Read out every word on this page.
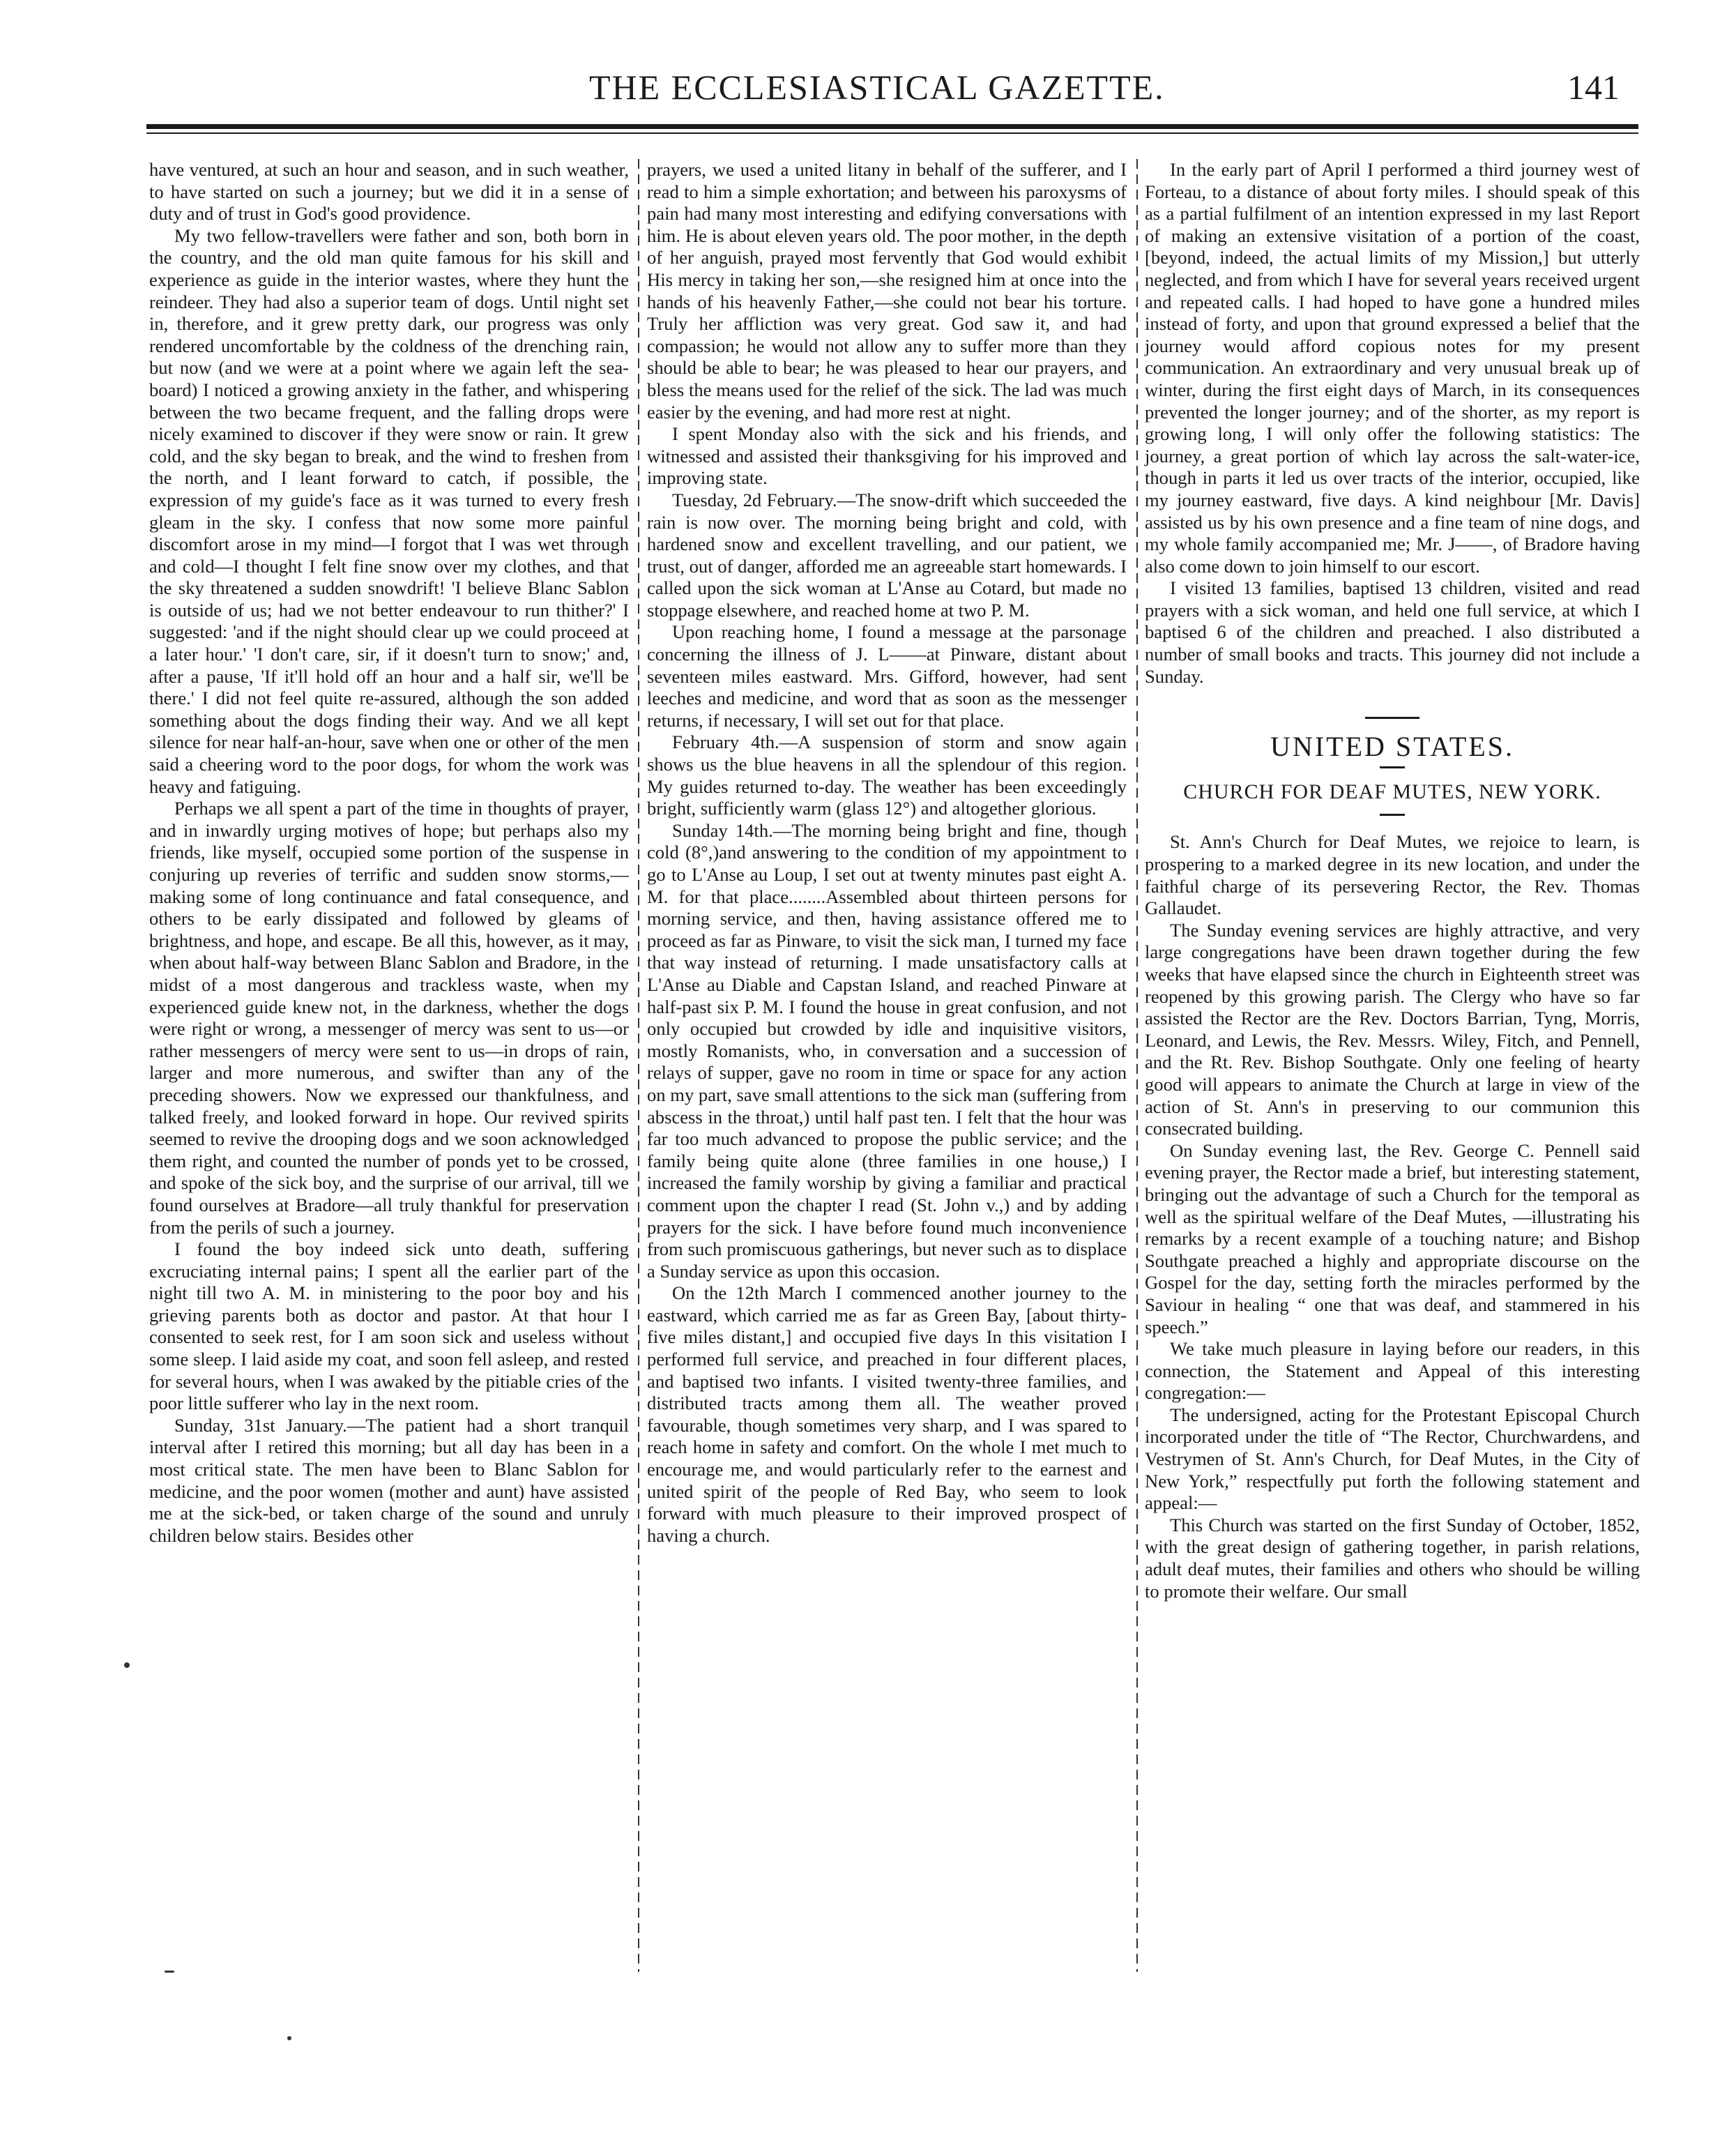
THE ECCLESIASTICAL GAZETTE.	141

have ventured, at such an hour and season, and in such weather, to have started on such a journey; but we did it in a sense of duty and of trust in God's good providence.

My two fellow-travellers were father and son, both born in the country, and the old man quite famous for his skill and experience as guide in the interior wastes, where they hunt the reindeer. They had also a superior team of dogs. Until night set in, therefore, and it grew pretty dark, our progress was only rendered uncomfortable by the coldness of the drenching rain, but now (and we were at a point where we again left the sea-board) I noticed a growing anxiety in the father, and whispering between the two became frequent, and the falling drops were nicely examined to discover if they were snow or rain. It grew cold, and the sky began to break, and the wind to freshen from the north, and I leant forward to catch, if possible, the expression of my guide's face as it was turned to every fresh gleam in the sky. I confess that now some more painful discomfort arose in my mind—I forgot that I was wet through and cold—I thought I felt fine snow over my clothes, and that the sky threatened a sudden snowdrift! 'I believe Blanc Sablon is outside of us; had we not better endeavour to run thither?' I suggested: 'and if the night should clear up we could proceed at a later hour.' 'I don't care, sir, if it doesn't turn to snow;' and, after a pause, 'If it'll hold off an hour and a half sir, we'll be there.' I did not feel quite re-assured, although the son added something about the dogs finding their way. And we all kept silence for near half-an-hour, save when one or other of the men said a cheering word to the poor dogs, for whom the work was heavy and fatiguing.

Perhaps we all spent a part of the time in thoughts of prayer, and in inwardly urging motives of hope; but perhaps also my friends, like myself, occupied some portion of the suspense in conjuring up reveries of terrific and sudden snow storms,—making some of long continuance and fatal consequence, and others to be early dissipated and followed by gleams of brightness, and hope, and escape. Be all this, however, as it may, when about half-way between Blanc Sablon and Bradore, in the midst of a most dangerous and trackless waste, when my experienced guide knew not, in the darkness, whether the dogs were right or wrong, a messenger of mercy was sent to us—or rather messengers of mercy were sent to us—in drops of rain, larger and more numerous, and swifter than any of the preceding showers. Now we expressed our thankfulness, and talked freely, and looked forward in hope. Our revived spirits seemed to revive the drooping dogs and we soon acknowledged them right, and counted the number of ponds yet to be crossed, and spoke of the sick boy, and the surprise of our arrival, till we found ourselves at Bradore—all truly thankful for preservation from the perils of such a journey.

I found the boy indeed sick unto death, suffering excruciating internal pains; I spent all the earlier part of the night till two A. M. in ministering to the poor boy and his grieving parents both as doctor and pastor. At that hour I consented to seek rest, for I am soon sick and useless without some sleep. I laid aside my coat, and soon fell asleep, and rested for several hours, when I was awaked by the pitiable cries of the poor little sufferer who lay in the next room.

Sunday, 31st January.—The patient had a short tranquil interval after I retired this morning; but all day has been in a most critical state. The men have been to Blanc Sablon for medicine, and the poor women (mother and aunt) have assisted me at the sick-bed, or taken charge of the sound and unruly children below stairs. Besides other

prayers, we used a united litany in behalf of the sufferer, and I read to him a simple exhortation; and between his paroxysms of pain had many most interesting and edifying conversations with him. He is about eleven years old. The poor mother, in the depth of her anguish, prayed most fervently that God would exhibit His mercy in taking her son,—she resigned him at once into the hands of his heavenly Father,—she could not bear his torture. Truly her affliction was very great. God saw it, and had compassion; he would not allow any to suffer more than they should be able to bear; he was pleased to hear our prayers, and bless the means used for the relief of the sick. The lad was much easier by the evening, and had more rest at night.

I spent Monday also with the sick and his friends, and witnessed and assisted their thanksgiving for his improved and improving state.

Tuesday, 2d February.—The snow-drift which succeeded the rain is now over. The morning being bright and cold, with hardened snow and excellent travelling, and our patient, we trust, out of danger, afforded me an agreeable start homewards. I called upon the sick woman at L'Anse au Cotard, but made no stoppage elsewhere, and reached home at two P. M.

Upon reaching home, I found a message at the parsonage concerning the illness of J. L——at Pinware, distant about seventeen miles eastward. Mrs. Gifford, however, had sent leeches and medicine, and word that as soon as the messenger returns, if necessary, I will set out for that place.

February 4th.—A suspension of storm and snow again shows us the blue heavens in all the splendour of this region. My guides returned to-day. The weather has been exceedingly bright, sufficiently warm (glass 12°) and altogether glorious.

Sunday 14th.—The morning being bright and fine, though cold (8°,)and answering to the condition of my appointment to go to L'Anse au Loup, I set out at twenty minutes past eight A. M. for that place........Assembled about thirteen persons for morning service, and then, having assistance offered me to proceed as far as Pinware, to visit the sick man, I turned my face that way instead of returning. I made unsatisfactory calls at L'Anse au Diable and Capstan Island, and reached Pinware at half-past six P. M. I found the house in great confusion, and not only occupied but crowded by idle and inquisitive visitors, mostly Romanists, who, in conversation and a succession of relays of supper, gave no room in time or space for any action on my part, save small attentions to the sick man (suffering from abscess in the throat,) until half past ten. I felt that the hour was far too much advanced to propose the public service; and the family being quite alone (three families in one house,) I increased the family worship by giving a familiar and practical comment upon the chapter I read (St. John v.,) and by adding prayers for the sick. I have before found much inconvenience from such promiscuous gatherings, but never such as to displace a Sunday service as upon this occasion.

On the 12th March I commenced another journey to the eastward, which carried me as far as Green Bay, [about thirty-five miles distant,] and occupied five days In this visitation I performed full service, and preached in four different places, and baptised two infants. I visited twenty-three families, and distributed tracts among them all. The weather proved favourable, though sometimes very sharp, and I was spared to reach home in safety and comfort. On the whole I met much to encourage me, and would particularly refer to the earnest and united spirit of the people of Red Bay, who seem to look forward with much pleasure to their improved prospect of having a church.

In the early part of April I performed a third journey west of Forteau, to a distance of about forty miles. I should speak of this as a partial fulfilment of an intention expressed in my last Report of making an extensive visitation of a portion of the coast, [beyond, indeed, the actual limits of my Mission,] but utterly neglected, and from which I have for several years received urgent and repeated calls. I had hoped to have gone a hundred miles instead of forty, and upon that ground expressed a belief that the journey would afford copious notes for my present communication. An extraordinary and very unusual break up of winter, during the first eight days of March, in its consequences prevented the longer journey; and of the shorter, as my report is growing long, I will only offer the following statistics: The journey, a great portion of which lay across the salt-water-ice, though in parts it led us over tracts of the interior, occupied, like my journey eastward, five days. A kind neighbour [Mr. Davis] assisted us by his own presence and a fine team of nine dogs, and my whole family accompanied me; Mr. J——, of Bradore having also come down to join himself to our escort.

I visited 13 families, baptised 13 children, visited and read prayers with a sick woman, and held one full service, at which I baptised 6 of the children and preached. I also distributed a number of small books and tracts. This journey did not include a Sunday.

UNITED STATES.
CHURCH FOR DEAF MUTES, NEW YORK.

St. Ann's Church for Deaf Mutes, we rejoice to learn, is prospering to a marked degree in its new location, and under the faithful charge of its persevering Rector, the Rev. Thomas Gallaudet.

The Sunday evening services are highly attractive, and very large congregations have been drawn together during the few weeks that have elapsed since the church in Eighteenth street was reopened by this growing parish. The Clergy who have so far assisted the Rector are the Rev. Doctors Barrian, Tyng, Morris, Leonard, and Lewis, the Rev. Messrs. Wiley, Fitch, and Pennell, and the Rt. Rev. Bishop Southgate. Only one feeling of hearty good will appears to animate the Church at large in view of the action of St. Ann's in preserving to our communion this consecrated building.

On Sunday evening last, the Rev. George C. Pennell said evening prayer, the Rector made a brief, but interesting statement, bringing out the advantage of such a Church for the temporal as well as the spiritual welfare of the Deaf Mutes, —illustrating his remarks by a recent example of a touching nature; and Bishop Southgate preached a highly and appropriate discourse on the Gospel for the day, setting forth the miracles performed by the Saviour in healing “ one that was deaf, and stammered in his speech.”

We take much pleasure in laying before our readers, in this connection, the Statement and Appeal of this interesting congregation:—

The undersigned, acting for the Protestant Episcopal Church incorporated under the title of “The Rector, Churchwardens, and Vestrymen of St. Ann's Church, for Deaf Mutes, in the City of New York,” respectfully put forth the following statement and appeal:—

This Church was started on the first Sunday of October, 1852, with the great design of gathering together, in parish relations, adult deaf mutes, their families and others who should be willing to promote their welfare. Our small
